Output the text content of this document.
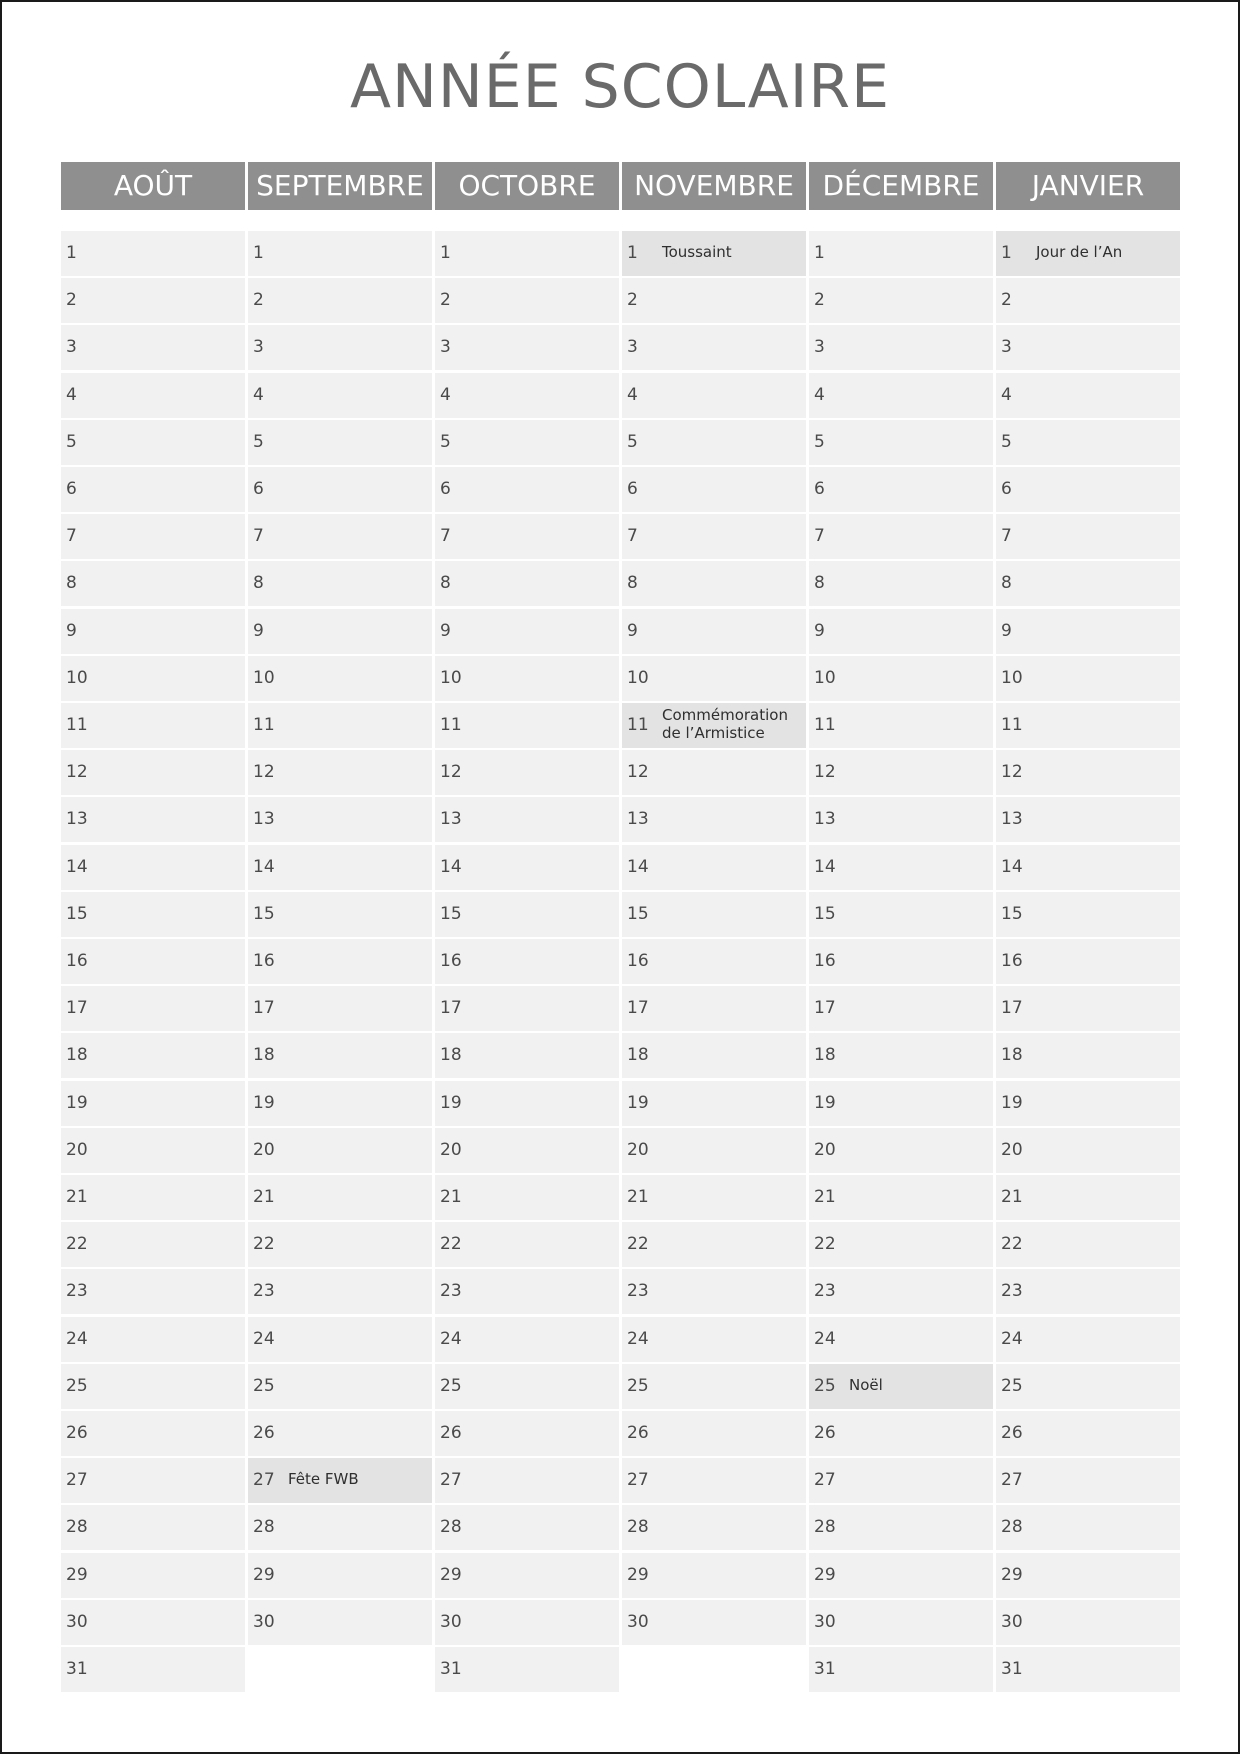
ANNÉE SCOLAIRE
AOÛT
1
2
3
4
5
6
7
8
9
10
11
12
13
14
15
16
17
18
19
20
21
22
23
24
25
26
27
28
29
30
31
SEPTEMBRE
1
2
3
4
5
6
7
8
9
10
11
12
13
14
15
16
17
18
19
20
21
22
23
24
25
26
27 Fête FWB
28
29
30
OCTOBRE
1
2
3
4
5
6
7
8
9
10
11
12
13
14
15
16
17
18
19
20
21
22
23
24
25
26
27
28
29
30
31
NOVEMBRE
1 Toussaint
2
3
4
5
6
7
8
9
10
11 Commémoration de l’Armistice
12
13
14
15
16
17
18
19
20
21
22
23
24
25
26
27
28
29
30
DÉCEMBRE
1
2
3
4
5
6
7
8
9
10
11
12
13
14
15
16
17
18
19
20
21
22
23
24
25 Noël
26
27
28
29
30
31
JANVIER
1 Jour de l’An
2
3
4
5
6
7
8
9
10
11
12
13
14
15
16
17
18
19
20
21
22
23
24
25
26
27
28
29
30
31
